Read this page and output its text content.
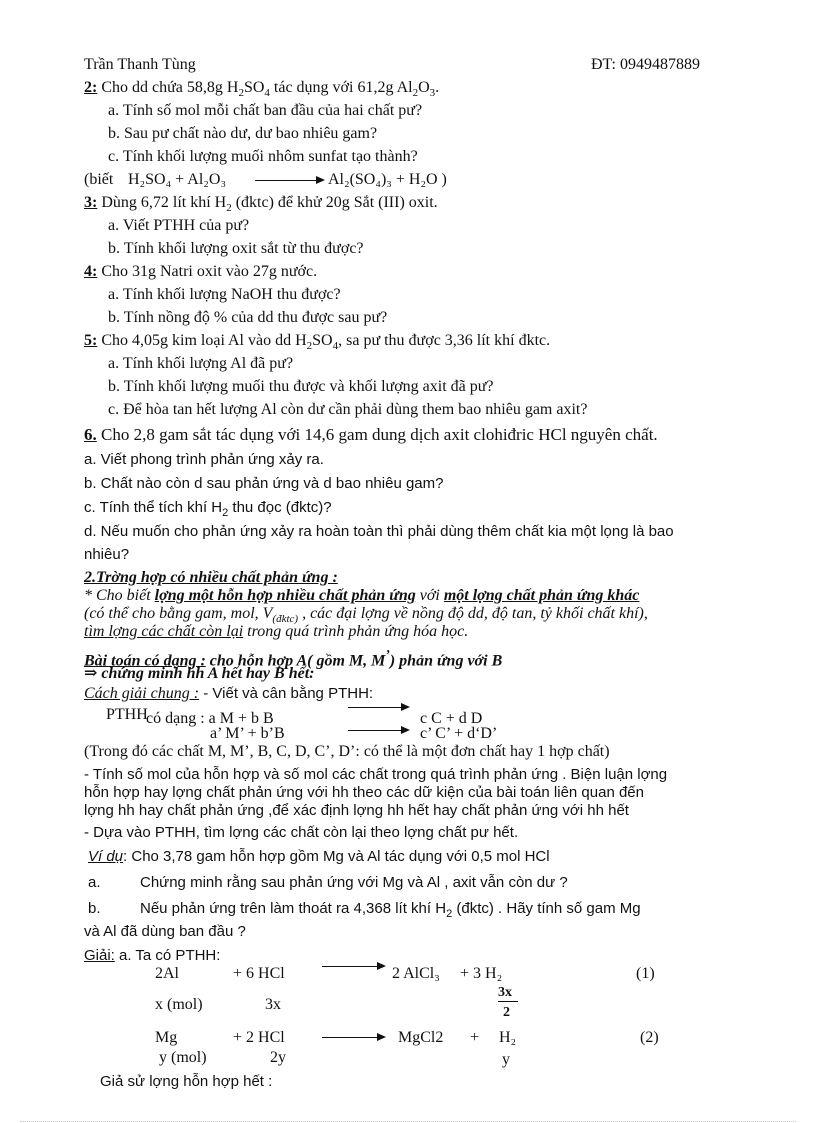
Trần Thanh Tùng	ĐT: 0949487889
2: Cho dd chứa 58,8g $H_2SO_4$ tác dụng với 61,2g $Al_2O_3$.
a. Tính số mol mỗi chất ban đầu của hai chất pư?
b. Sau pư chất nào dư, dư bao nhiêu gam?
c. Tính khối lượng muối nhôm sunfat tạo thành?
(biết H₂SO₄ + Al₂O₃	Al₂(SO₄)₃ + H₂O )
3: Dùng 6,72 lít khí $H_2$ (đktc) để khử 20g Sắt (III) oxit.
a. Viết PTHH của pư?
b. Tính khối lượng oxit sắt từ thu được?
4: Cho 31g Natri oxit vào 27g nước.
a. Tính khối lượng NaOH thu được?
b. Tính nồng độ % của dd thu được sau pư?
5: Cho 4,05g kim loại Al vào dd $H_2SO_4$, sa pư thu được 3,36 lít khí đktc.
a. Tính khối lượng Al đã pư?
b. Tính khối lượng muối thu được và khối lượng axit đã pư?
c. Để hòa tan hết lượng Al còn dư cần phải dùng them bao nhiêu gam axit?
6. Cho 2,8 gam sắt tác dụng với 14,6 gam dung dịch axit clohiđric HCl nguyên chất.
a. Viết phong trình phản ứng xảy ra.
b. Chất nào còn d sau phản ứng và d bao nhiêu gam?
c. Tính thể tích khí $H_2$ thu đọc (đktc)?
d. Nếu muốn cho phản ứng xảy ra hoàn toàn thì phải dùng thêm chất kia một lọng là bao
nhiêu?
2.Trờng hợp có nhiều chất phản ứng :
* Cho biết lợng một hỗn hợp nhiều chất phản ứng với một lợng chất phản ứng khác
(có thể cho bằng gam, mol, $V_{(đktc)}$ , các đại lợng về nồng độ dd, độ tan, tỷ khối chất khí),
tìm lợng các chất còn lại trong quá trình phản ứng hóa học.
Bài toán có dạng : cho hỗn hợp A( gồm M, M’) phản ứng với B
⇒ chứng minh hh A hết hay B hết:
Cách giải chung : - Viết và cân bằng PTHH:
PTHH
có dạng : a M + b B	c C + d D
a’ M’ + b’B	→ c’ C’ + d‘D’
(Trong đó các chất M, M’, B, C, D, C’, D’: có thể là một đơn chất hay 1 hợp chất)
- Tính số mol của hỗn hợp và số mol các chất trong quá trình phản ứng . Biện luận lợng
hỗn hợp hay lợng chất phản ứng với hh theo các dữ kiện của bài toán liên quan đến
lợng hh hay chất phản ứng ,để xác định lợng hh hết hay chất phản ứng với hh hết
- Dựa vào PTHH, tìm lợng các chất còn lại theo lợng chất pư hết.
Ví dụ: Cho 3,78 gam hỗn hợp gồm Mg và Al tác dụng với 0,5 mol HCl
a.	Chứng minh rằng sau phản ứng với Mg và Al , axit vẫn còn dư ?
b.	Nếu phản ứng trên làm thoát ra 4,368 lít khí $H_2$ (đktc) . Hãy tính số gam Mg
và Al đã dùng ban đầu ?
Giải: a. Ta có PTHH:
2Al	+ 6 HCl → 2 AlCl₃ + 3 H₂	(1)
x (mol)	3x
3x
2
Mg	+ 2 HCl → MgCl2 + H₂	(2)
y (mol)	2y	y
Giả sử lợng hỗn hợp hết :
